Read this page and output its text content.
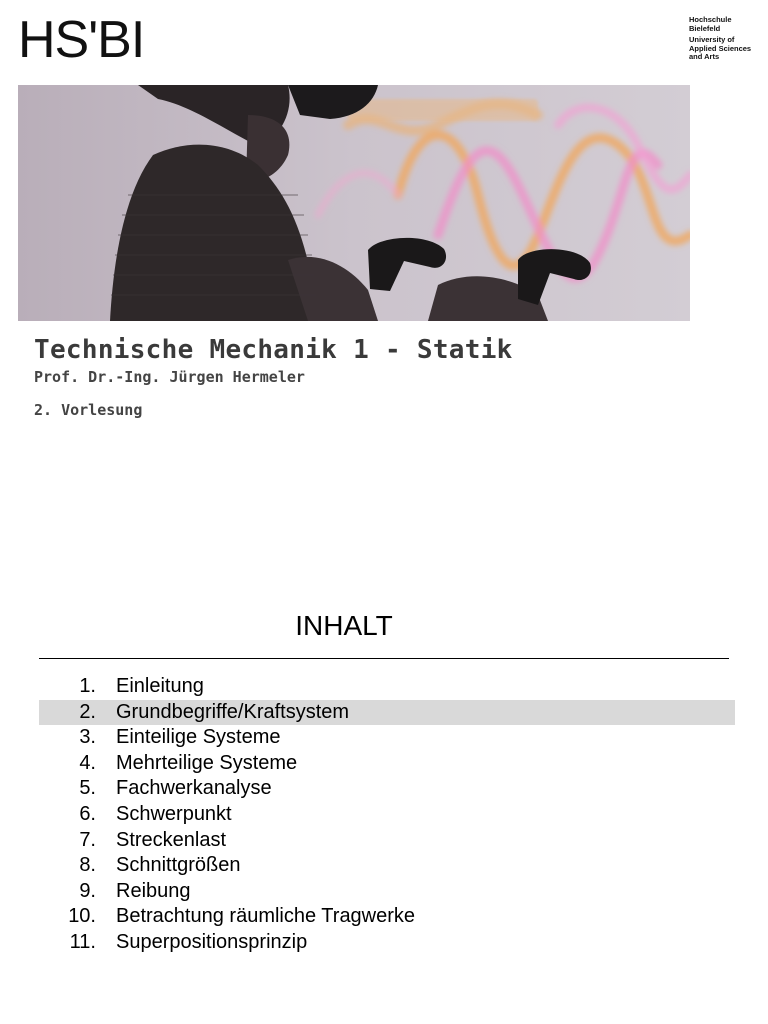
HS'BI	Hochschule
Bielefeld
University of
Applied Sciences
and Arts
Technische Mechanik 1 - Statik
Prof. Dr.-Ing. Jürgen Hermeler
2. Vorlesung
INHALT
1. Einleitung
2. Grundbegriffe/Kraftsystem
3. Einteilige Systeme
4. Mehrteilige Systeme
5. Fachwerkanalyse
6. Schwerpunkt
7. Streckenlast
8. Schnittgrößen
9. Reibung
10. Betrachtung räumliche Tragwerke
11. Superpositionsprinzip
